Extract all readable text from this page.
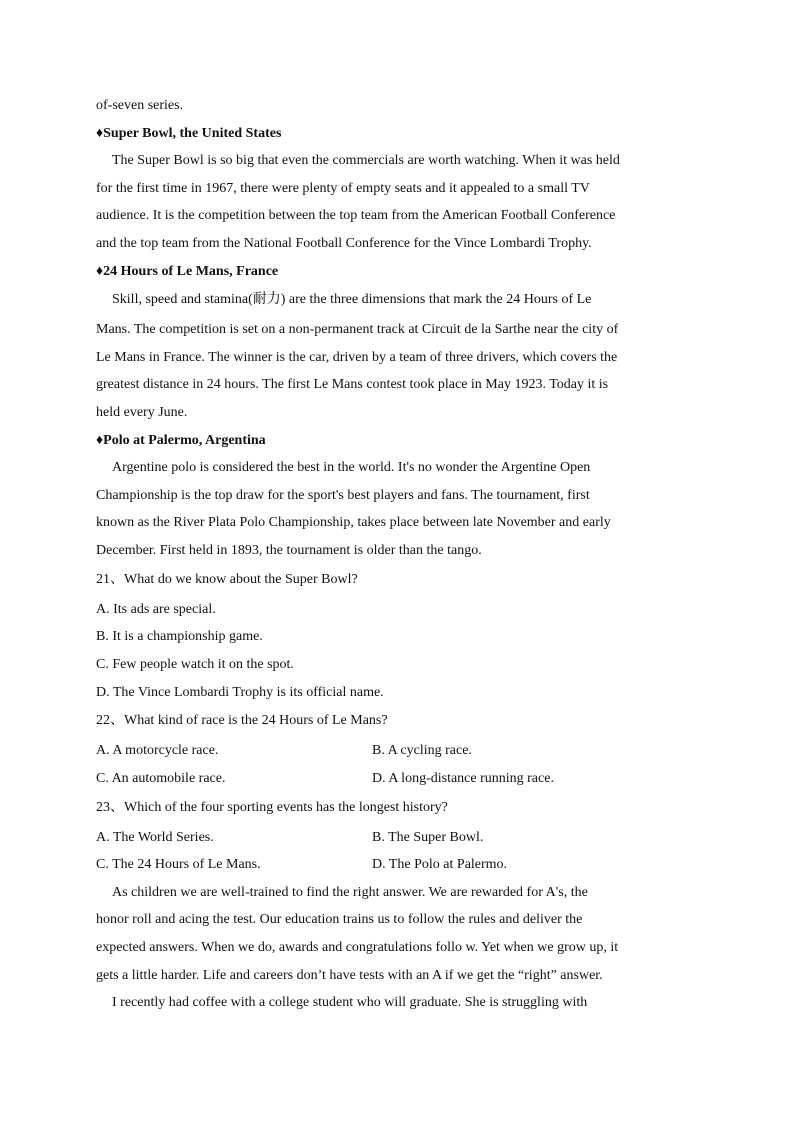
of-seven series.
♦Super Bowl, the United States
The Super Bowl is so big that even the commercials are worth watching. When it was held
for the first time in 1967, there were plenty of empty seats and it appealed to a small TV
audience. It is the competition between the top team from the American Football Conference
and the top team from the National Football Conference for the Vince Lombardi Trophy.
♦24 Hours of Le Mans, France
Skill, speed and stamina(耐力) are the three dimensions that mark the 24 Hours of Le
Mans. The competition is set on a non-permanent track at Circuit de la Sarthe near the city of
Le Mans in France. The winner is the car, driven by a team of three drivers, which covers the
greatest distance in 24 hours. The first Le Mans contest took place in May 1923. Today it is
held every June.
♦Polo at Palermo, Argentina
Argentine polo is considered the best in the world. It's no wonder the Argentine Open
Championship is the top draw for the sport's best players and fans. The tournament, first
known as the River Plata Polo Championship, takes place between late November and early
December. First held in 1893, the tournament is older than the tango.
21、What do we know about the Super Bowl?
A. Its ads are special.
B. It is a championship game.
C. Few people watch it on the spot.
D. The Vince Lombardi Trophy is its official name.
22、What kind of race is the 24 Hours of Le Mans?
A. A motorcycle race.	B. A cycling race.
C. An automobile race.	D. A long-distance running race.
23、Which of the four sporting events has the longest history?
A. The World Series.	B. The Super Bowl.
C. The 24 Hours of Le Mans.	D. The Polo at Palermo.
As children we are well-trained to find the right answer. We are rewarded for A's, the
honor roll and acing the test. Our education trains us to follow the rules and deliver the
expected answers. When we do, awards and congratulations follo w. Yet when we grow up, it
gets a little harder. Life and careers don’t have tests with an A if we get the “right” answer.
I recently had coffee with a college student who will graduate. She is struggling with
